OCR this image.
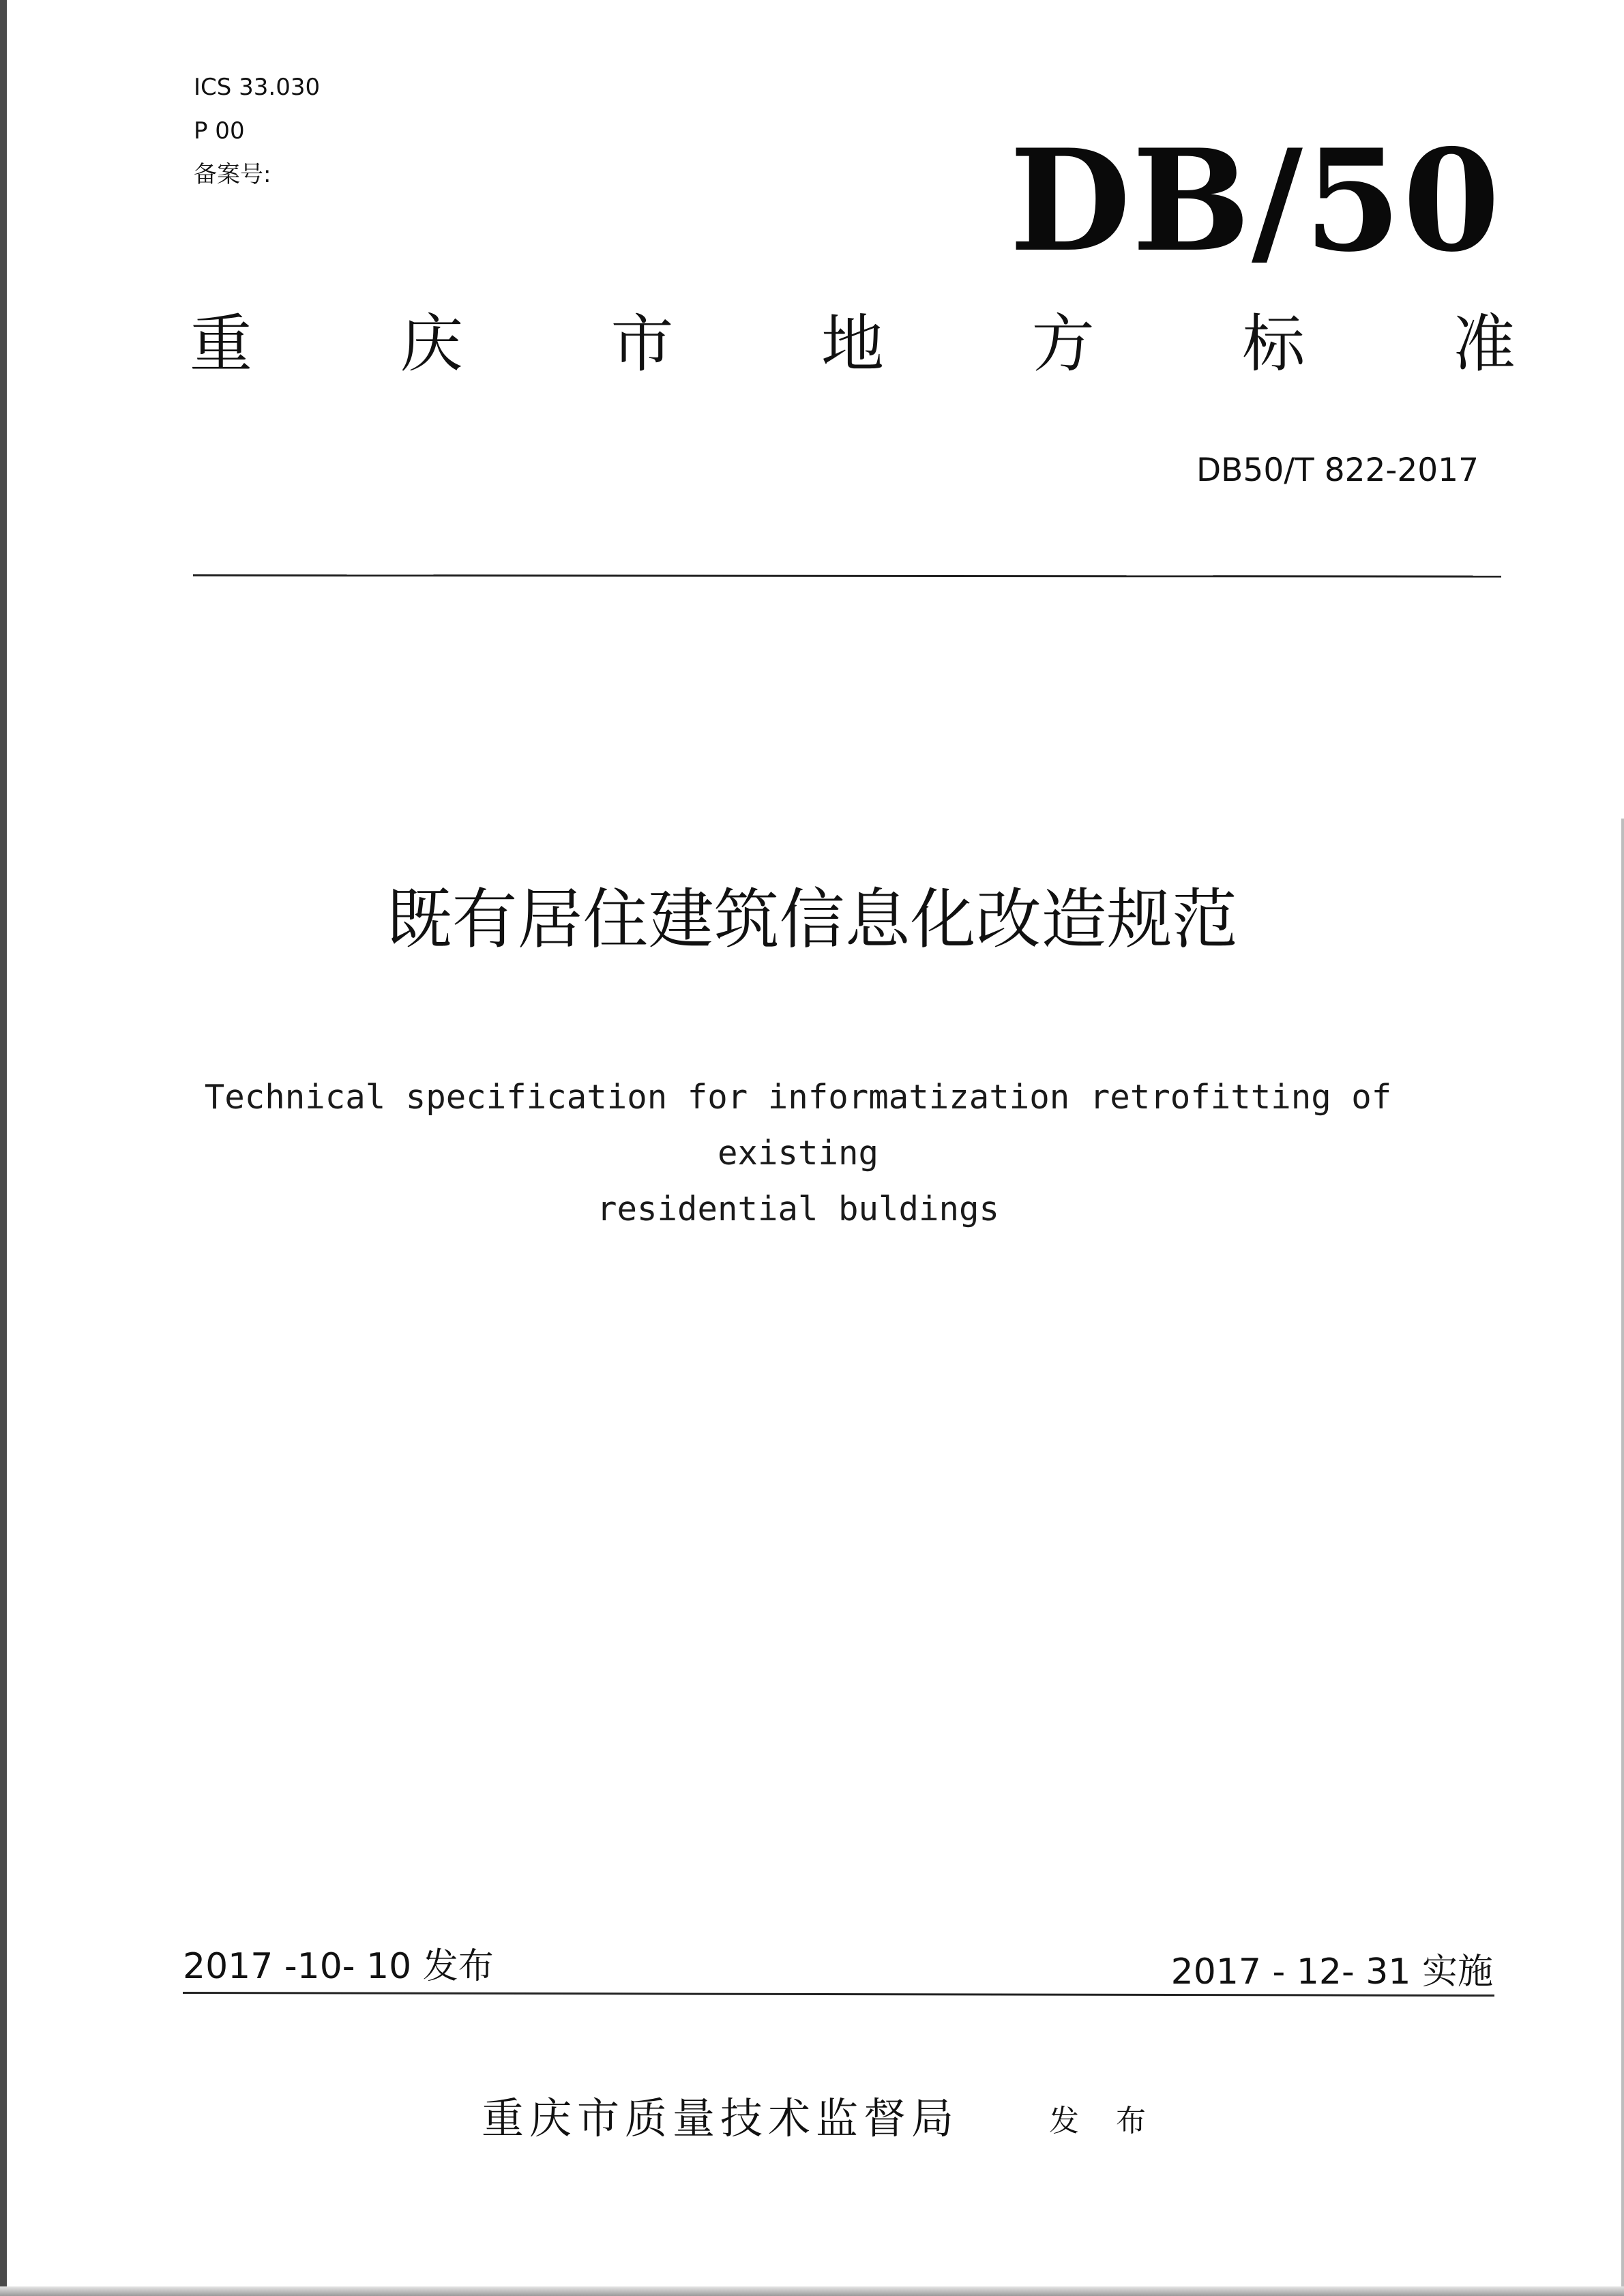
ICS 33.030
P 00
备案号:	DB/50
重 庆 市 地 方 标 准
DB50/T 822-2017
既有居住建筑信息化改造规范
Technical specification for informatization retrofitting of existing
residential buldings
2017 -10- 10 发布	2017 - 12- 31 实施
重庆市质量技术监督局	发 布
